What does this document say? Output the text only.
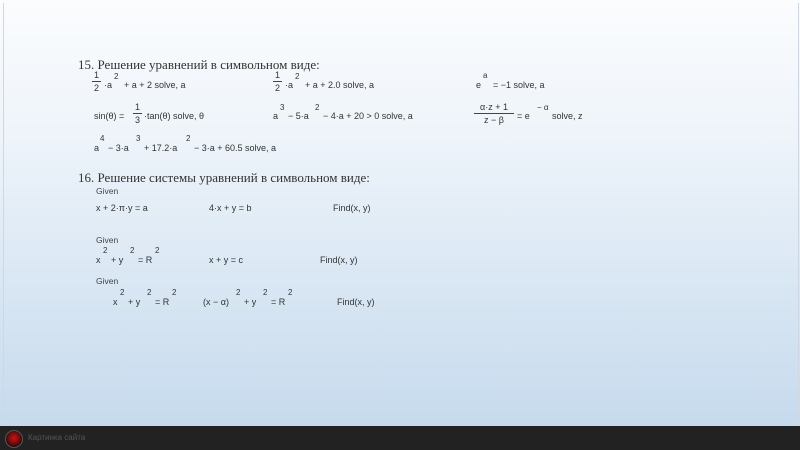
15. Решение уравнений в символьном виде:
1
2 ·a
2
+ a + 2 solve, a
1
2 ·a
2
+ a + 2.0 solve, a	e
a
= −1 solve, a
sin(θ) =
1
3 ·tan(θ) solve, θ	a
3
− 5·a
2
− 4·a + 20 > 0 solve, a
α·z + 1
z − β	= e
− α
solve, z
a
4
− 3·a
3
+ 17.2·a
2
− 3·a + 60.5 solve, a
16. Решение системы уравнений в символьном виде:
Given
x + 2·π·y = a	4·x + y = b	Find(x, y)
Given
x
2
+ y
2
= R
2
x + y = c	Find(x, y)
Given
x
2
+ y
2
= R
2
(x − α)
2
+ y
2
= R
2
Find(x, y)
Картинка сайта
